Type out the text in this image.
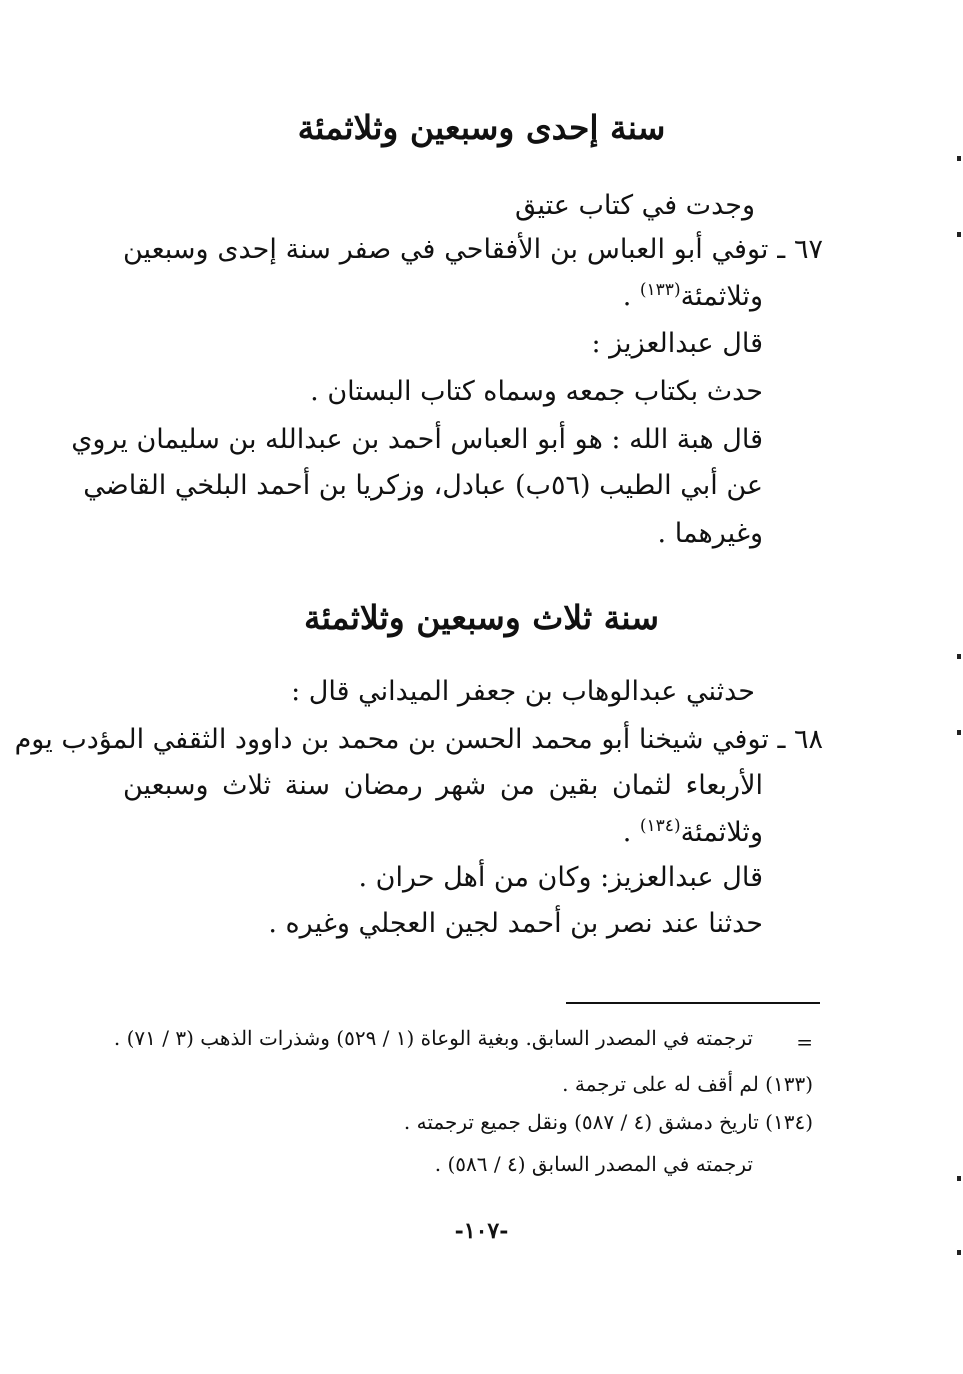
سنة إحدى وسبعين وثلاثمئة
وجدت في كتاب عتيق
٦٧ ـ توفي أبو العباس بن الأفقاحي في صفر سنة إحدى وسبعين
وثلاثمئة$^{(١٣٣)}$ .
قال عبدالعزيز :
حدث بكتاب جمعه وسماه كتاب البستان .
قال هبة الله : هو أبو العباس أحمد بن عبدالله بن سليمان يروي
عن أبي الطيب (٥٦ب) عبادل، وزكريا بن أحمد البلخي القاضي
وغيرهما .
سنة ثلاث وسبعين وثلاثمئة
حدثني عبدالوهاب بن جعفر الميداني قال :
٦٨ ـ توفي شيخنا أبو محمد الحسن بن محمد بن داوود الثقفي المؤدب يوم
الأربعاء لثمان بقين من شهر رمضان سنة ثلاث وسبعين
وثلاثمئة$^{(١٣٤)}$ .
قال عبدالعزيز: وكان من أهل حران .
حدثنا عند نصر بن أحمد لجين العجلي وغيره .
=
ترجمته في المصدر السابق. وبغية الوعاة (١ / ٥٢٩) وشذرات الذهب (٣ / ٧١) .
(١٣٣) لم أقف له على ترجمة .
(١٣٤) تاريخ دمشق (٤ / ٥٨٧) ونقل جميع ترجمته .
ترجمته في المصدر السابق (٤ / ٥٨٦) .
-١٠٧-
